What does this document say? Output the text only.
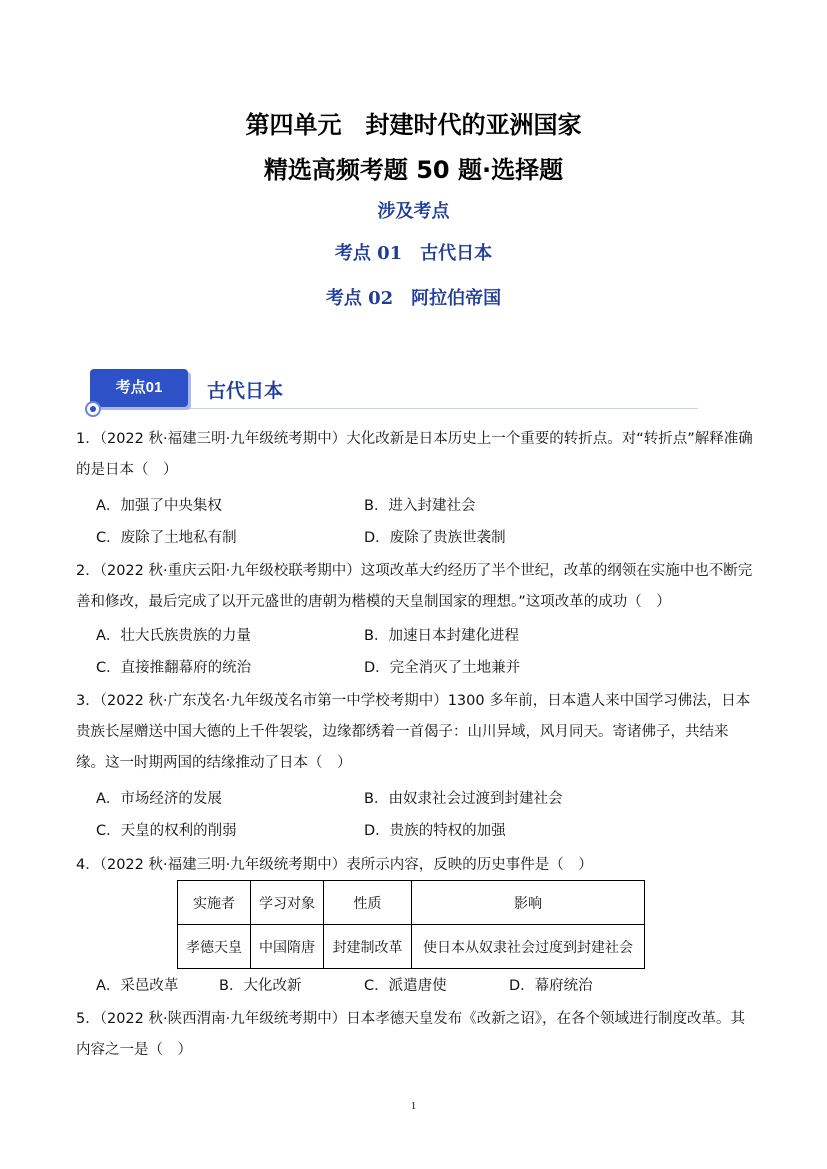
第四单元　封建时代的亚洲国家
精选高频考题 50 题·选择题
涉及考点
考点 01　古代日本
考点 02　阿拉伯帝国
考点01	古代日本
1．（2022 秋·福建三明·九年级统考期中）大化改新是日本历史上一个重要的转折点。对“转折点”解释准确的是日本（　）
A．加强了中央集权	B．进入封建社会
C．废除了土地私有制	D．废除了贵族世袭制
2．（2022 秋·重庆云阳·九年级校联考期中）这项改革大约经历了半个世纪，改革的纲领在实施中也不断完善和修改，最后完成了以开元盛世的唐朝为楷模的天皇制国家的理想。”这项改革的成功（　）
A．壮大氏族贵族的力量	B．加速日本封建化进程
C．直接推翻幕府的统治	D．完全消灭了土地兼并
3．（2022 秋·广东茂名·九年级茂名市第一中学校考期中）1300 多年前，日本遣人来中国学习佛法，日本贵族长屋赠送中国大德的上千件袈裟，边缘都绣着一首偈子：山川异域，风月同天。寄诸佛子，共结来缘。这一时期两国的结缘推动了日本（　）
A．市场经济的发展	B．由奴隶社会过渡到封建社会
C．天皇的权利的削弱	D．贵族的特权的加强
4．（2022 秋·福建三明·九年级统考期中）表所示内容，反映的历史事件是（　）
实施者	学习对象	性质	影响
孝德天皇	中国隋唐	封建制改革	使日本从奴隶社会过度到封建社会
A．采邑改革	B．大化改新	C．派遣唐使	D．幕府统治
5．（2022 秋·陕西渭南·九年级统考期中）日本孝德天皇发布《改新之诏》，在各个领域进行制度改革。其内容之一是（　）
1
